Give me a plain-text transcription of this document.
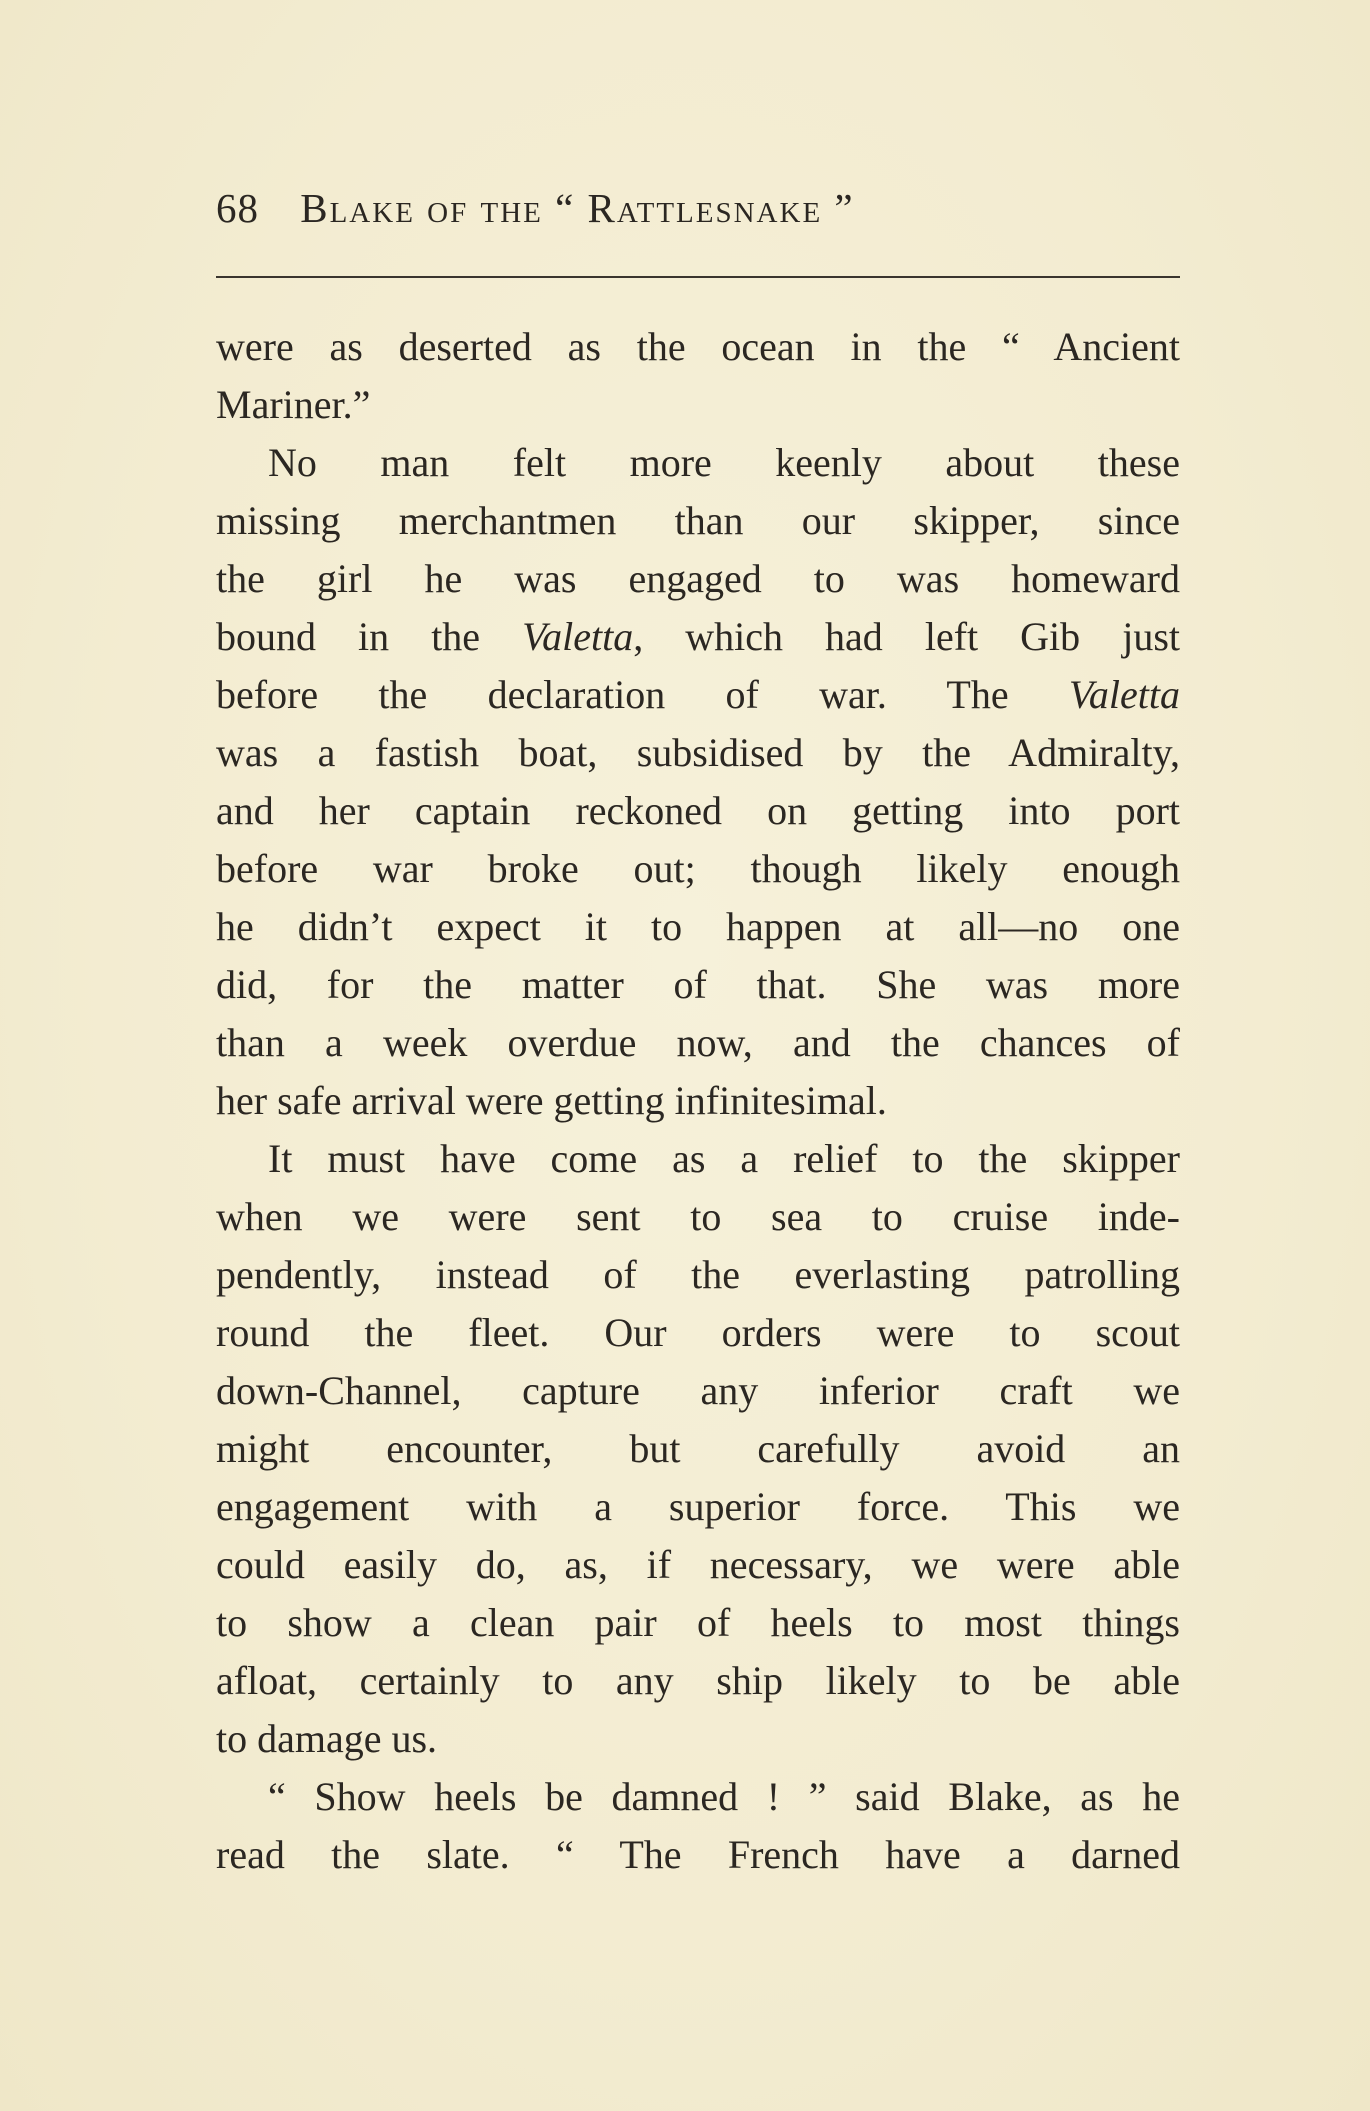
68 Blake of the “ Rattlesnake ”
were as deserted as the ocean in the “ Ancient
Mariner.”
No man felt more keenly about these
missing merchantmen than our skipper, since
the girl he was engaged to was homeward
bound in the Valetta, which had left Gib just
before the declaration of war. The Valetta
was a fastish boat, subsidised by the Admiralty,
and her captain reckoned on getting into port
before war broke out; though likely enough
he didn’t expect it to happen at all—no one
did, for the matter of that. She was more
than a week overdue now, and the chances of
her safe arrival were getting infinitesimal.
It must have come as a relief to the skipper
when we were sent to sea to cruise inde-
pendently, instead of the everlasting patrolling
round the fleet. Our orders were to scout
down-Channel, capture any inferior craft we
might encounter, but carefully avoid an
engagement with a superior force. This we
could easily do, as, if necessary, we were able
to show a clean pair of heels to most things
afloat, certainly to any ship likely to be able
to damage us.
“ Show heels be damned ! ” said Blake, as he
read the slate. “ The French have a darned
